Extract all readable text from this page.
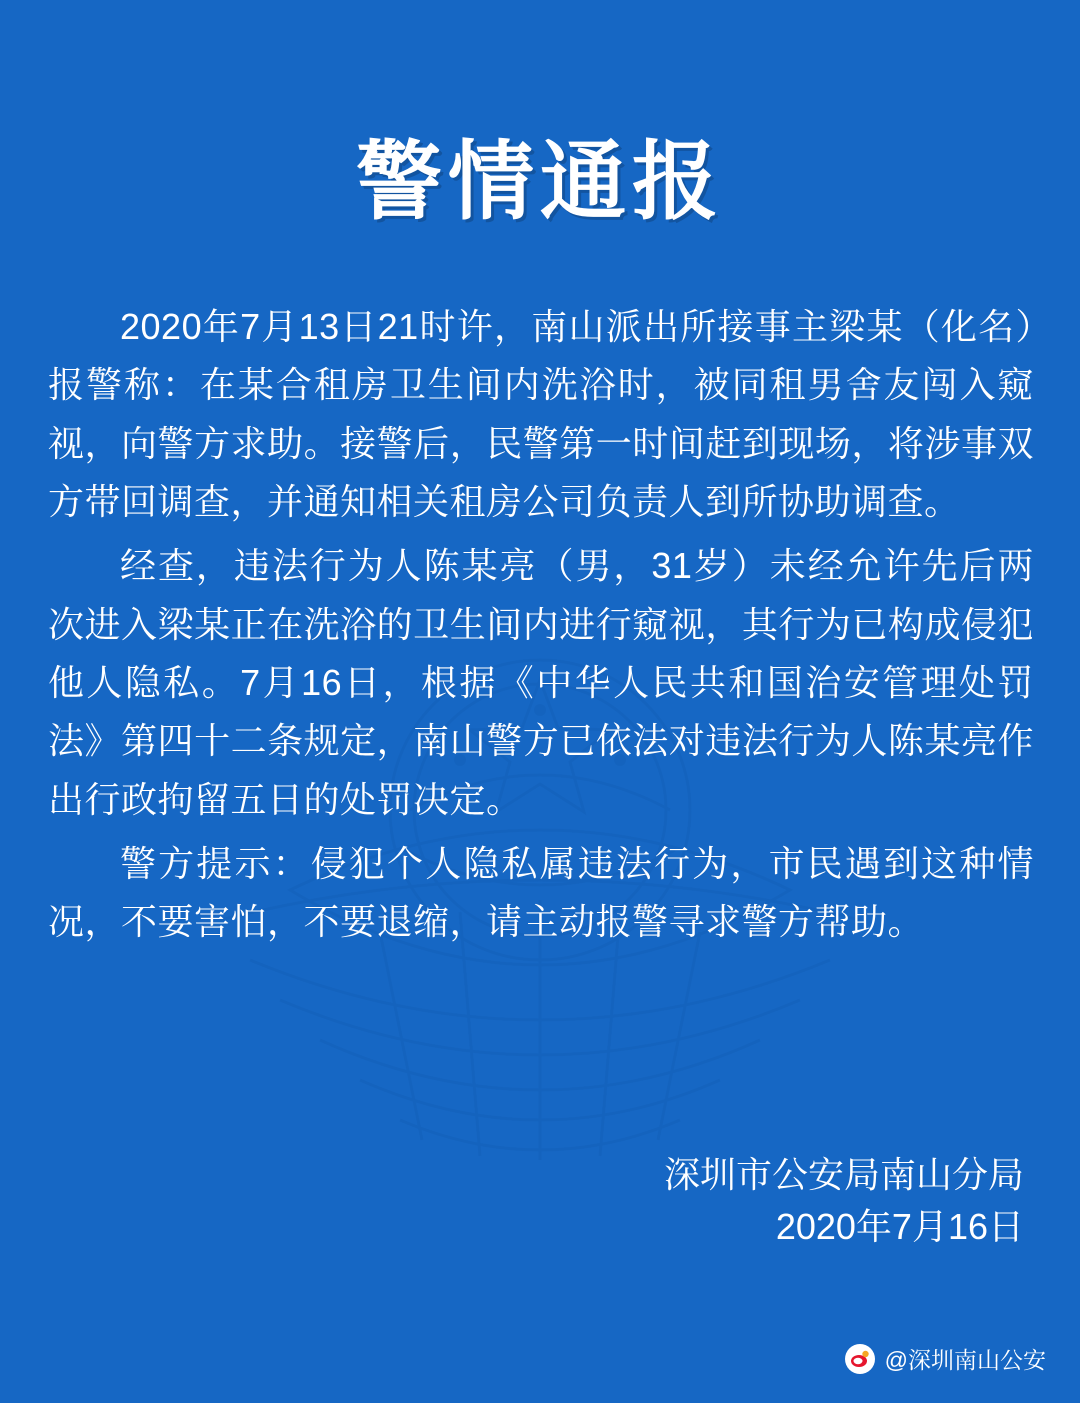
警情通报

2020年7月13日21时许，南山派出所接事主梁某（化名）报警称：在某合租房卫生间内洗浴时，被同租男舍友闯入窥视，向警方求助。接警后，民警第一时间赶到现场，将涉事双方带回调查，并通知相关租房公司负责人到所协助调查。

经查，违法行为人陈某亮（男，31岁）未经允许先后两次进入梁某正在洗浴的卫生间内进行窥视，其行为已构成侵犯他人隐私。7月16日，根据《中华人民共和国治安管理处罚法》第四十二条规定，南山警方已依法对违法行为人陈某亮作出行政拘留五日的处罚决定。

警方提示：侵犯个人隐私属违法行为，市民遇到这种情况，不要害怕，不要退缩，请主动报警寻求警方帮助。

深圳市公安局南山分局
2020年7月16日
@深圳南山公安
